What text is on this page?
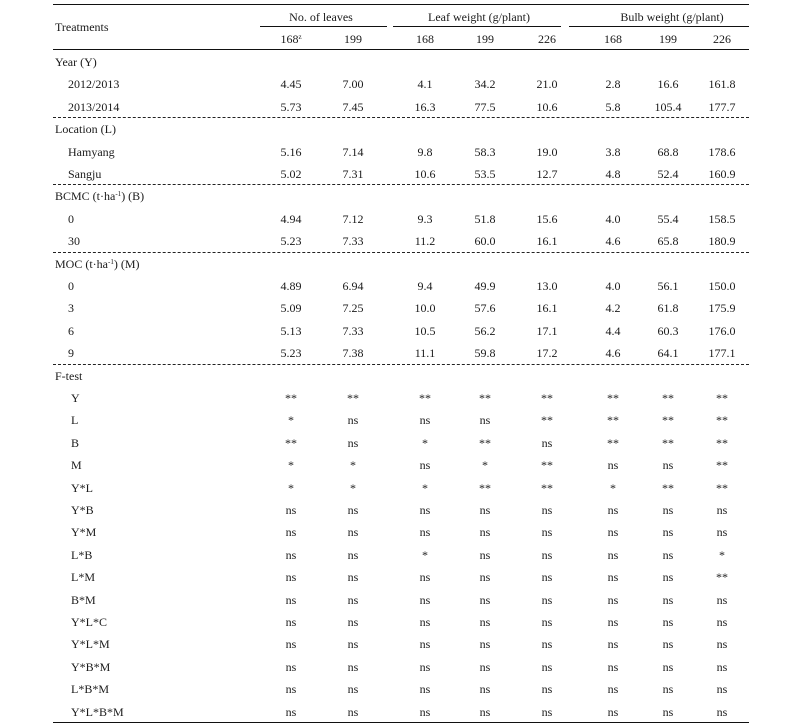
Treatments
No. of leaves	Leaf weight (g/plant)	Bulb weight (g/plant)
168$^z$	199	168	199	226	168	199	226
Year (Y)
2012/2013	4.45	7.00	4.1	34.2	21.0	2.8	16.6	161.8
2013/2014	5.73	7.45	16.3	77.5	10.6	5.8	105.4 177.7
Location (L)
Hamyang	5.16	7.14	9.8	58.3	19.0	3.8	68.8	178.6
Sangju	5.02	7.31	10.6	53.5	12.7	4.8	52.4	160.9
BCMC $(t\cdot ha^{-1})$ (B)
0	4.94	7.12	9.3	51.8	15.6	4.0	55.4	158.5
30	5.23	7.33	11.2	60.0	16.1	4.6	65.8	180.9
MOC $(t\cdot ha^{-1})$ (M)
0	4.89	6.94	9.4	49.9	13.0	4.0	56.1	150.0
3	5.09	7.25	10.0	57.6	16.1	4.2	61.8	175.9
6	5.13	7.33	10.5	56.2	17.1	4.4	60.3	176.0
9	5.23	7.38	11.1	59.8	17.2	4.6	64.1	177.1
F-test
Y	**	**	**	**	**	**	**	**
L	*	ns	ns	ns	**	**	**	**
B	**	ns	*	**	ns	**	**	**
M	*	*	ns	*	**	ns	ns	**
Y*L	*	*	*	**	**	*	**	**
Y*B	ns	ns	ns	ns	ns	ns	ns	ns
Y*M	ns	ns	ns	ns	ns	ns	ns	ns
L*B	ns	ns	*	ns	ns	ns	ns	*
L*M	ns	ns	ns	ns	ns	ns	ns	**
B*M	ns	ns	ns	ns	ns	ns	ns	ns
Y*L*C	ns	ns	ns	ns	ns	ns	ns	ns
Y*L*M	ns	ns	ns	ns	ns	ns	ns	ns
Y*B*M	ns	ns	ns	ns	ns	ns	ns	ns
L*B*M	ns	ns	ns	ns	ns	ns	ns	ns
Y*L*B*M	ns	ns	ns	ns	ns	ns	ns	ns
